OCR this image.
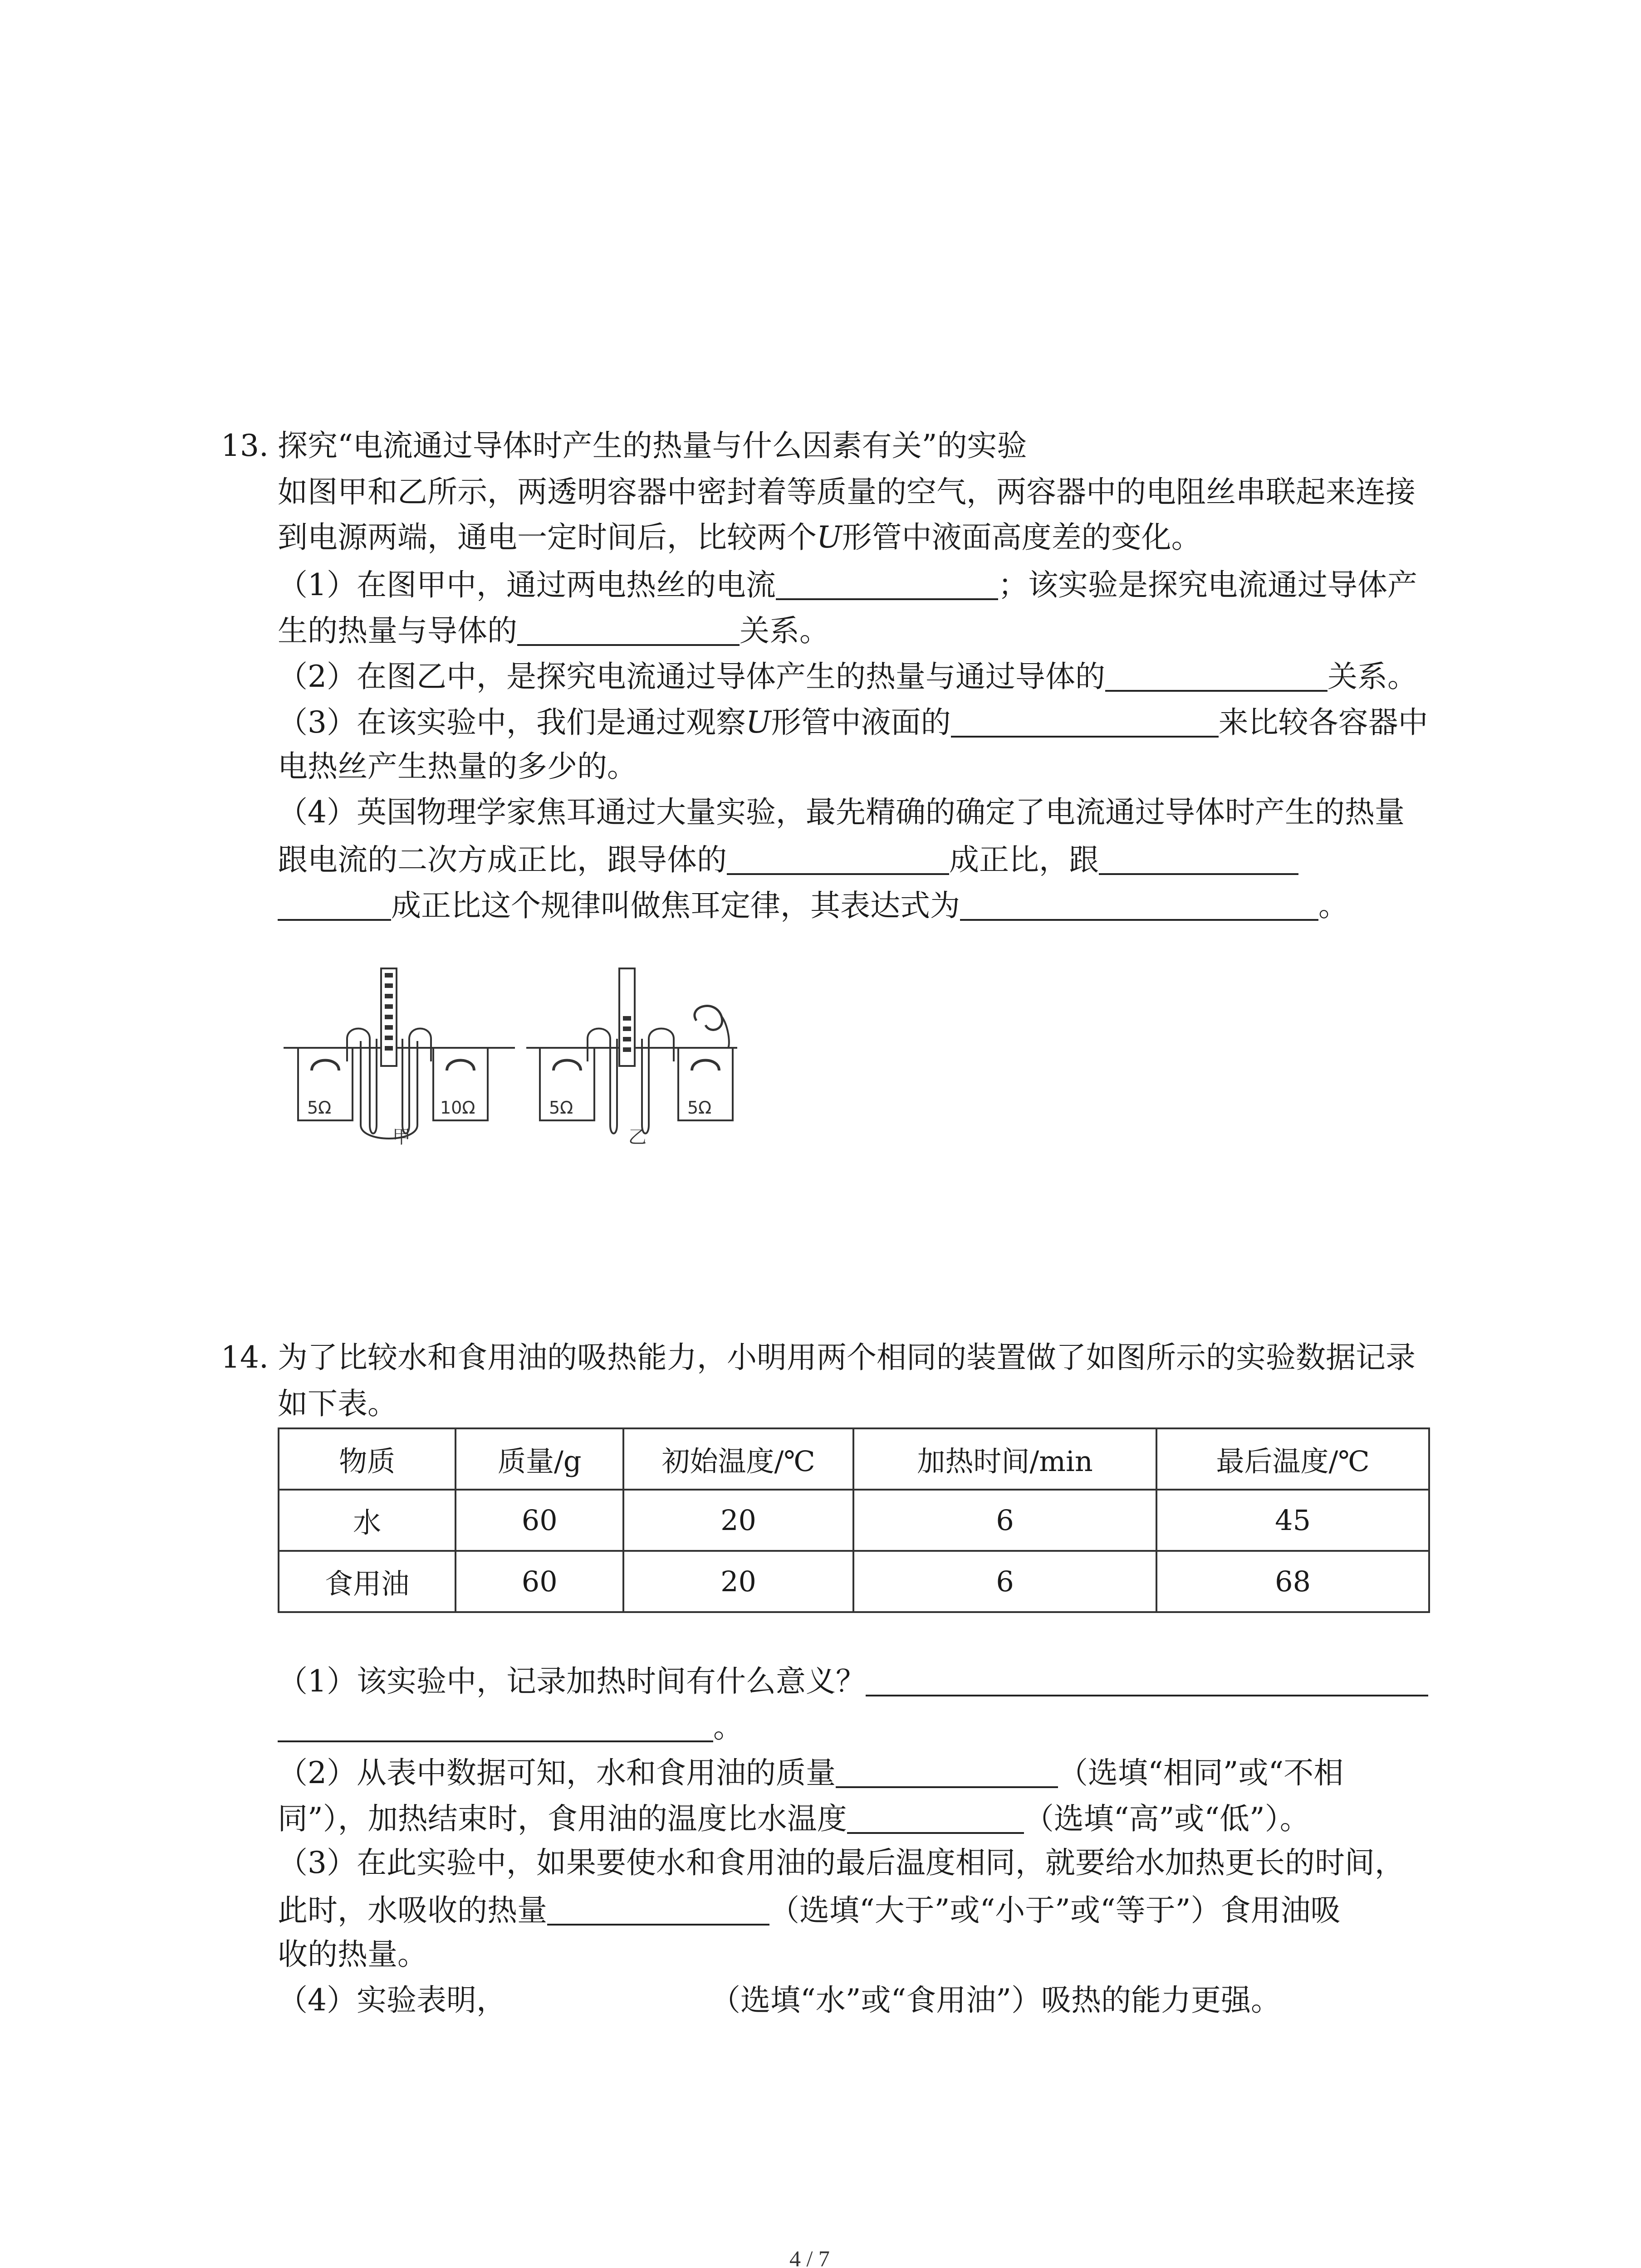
13. 探究“电流通过导体时产生的热量与什么因素有关”的实验
如图甲和乙所示，两透明容器中密封着等质量的空气，两容器中的电阻丝串联起来连接
到电源两端，通电一定时间后，比较两个U形管中液面高度差的变化。
（1）在图甲中，通过两电热丝的电流	；该实验是探究电流通过导体产
生的热量与导体的	关系。
（2）在图乙中，是探究电流通过导体产生的热量与通过导体的	关系。
（3）在该实验中，我们是通过观察U形管中液面的	来比较各容器中
电热丝产生热量的多少的。
（4）英国物理学家焦耳通过大量实验，最先精确的确定了电流通过导体时产生的热量
跟电流的二次方成正比，跟导体的	成正比，跟
成正比这个规律叫做焦耳定律，其表达式为	。
5Ω	10Ω
甲
5Ω	5Ω
乙
14. 为了比较水和食用油的吸热能力，小明用两个相同的装置做了如图所示的实验数据记录
如下表。
物质	质量/g	初始温度/℃	加热时间/min	最后温度/℃
水	60	20	6	45
食用油	60	20	6	68
（1）该实验中，记录加热时间有什么意义？
。
（2）从表中数据可知，水和食用油的质量	（选填“相同”或“不相
同”），加热结束时，食用油的温度比水温度	（选填“高”或“低”）。
（3）在此实验中，如果要使水和食用油的最后温度相同，就要给水加热更长的时间，
此时，水吸收的热量	（选填“大于”或“小于”或“等于”）食用油吸
收的热量。
（4）实验表明，	（选填“水”或“食用油”）吸热的能力更强。
4 / 7
